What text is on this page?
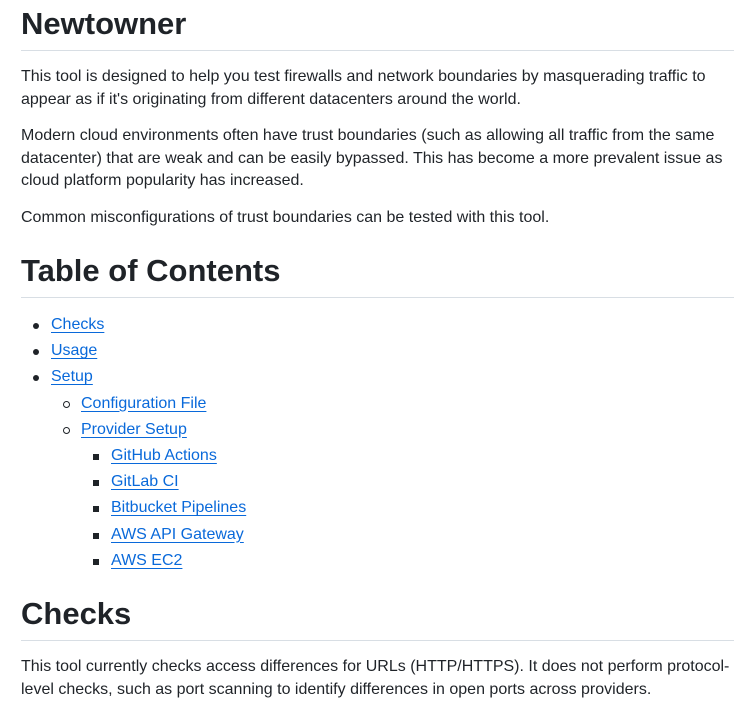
Newtowner

This tool is designed to help you test firewalls and network boundaries by masquerading traffic to appear as if it's originating from different datacenters around the world.

Modern cloud environments often have trust boundaries (such as allowing all traffic from the same datacenter) that are weak and can be easily bypassed. This has become a more prevalent issue as cloud platform popularity has increased.

Common misconfigurations of trust boundaries can be tested with this tool.

Table of Contents
Checks
Usage
Setup
Configuration File
Provider Setup
GitHub Actions
GitLab CI
Bitbucket Pipelines
AWS API Gateway
AWS EC2
Checks

This tool currently checks access differences for URLs (HTTP/HTTPS). It does not perform protocol-level checks, such as port scanning to identify differences in open ports across providers.
